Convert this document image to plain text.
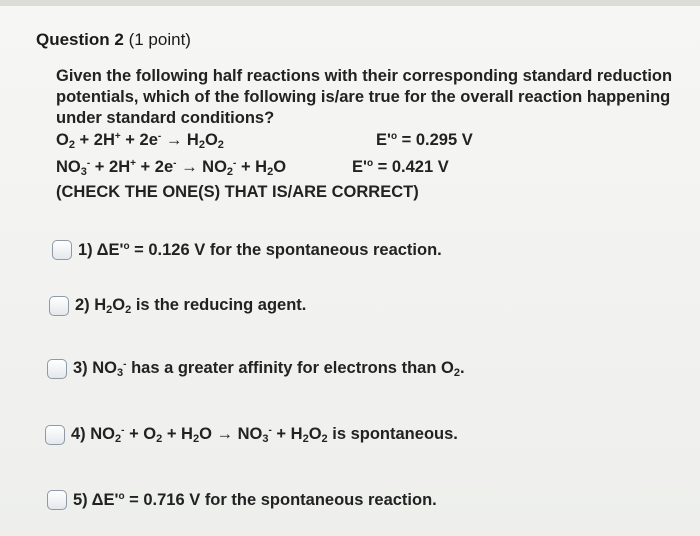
Question 2 (1 point)
Given the following half reactions with their corresponding standard reduction potentials, which of the following is/are true for the overall reaction happening under standard conditions?
$O_2 + 2H^+ + 2e^- \to H_2O_2$	$E'^o = 0.295$ V
$NO_3^- + 2H^+ + 2e^- \to NO_2^- + H_2O$	$E'^o = 0.421$ V
(CHECK THE ONE(S) THAT IS/ARE CORRECT)
1) $\Delta E'^o = 0.126$ V for the spontaneous reaction.
2) $H_2O_2$ is the reducing agent.
3) $NO_3^-$ has a greater affinity for electrons than $O_2$.
4) $NO_2^- + O_2 + H_2O \to NO_3^- + H_2O_2$ is spontaneous.
5) $\Delta E'^o = 0.716$ V for the spontaneous reaction.
